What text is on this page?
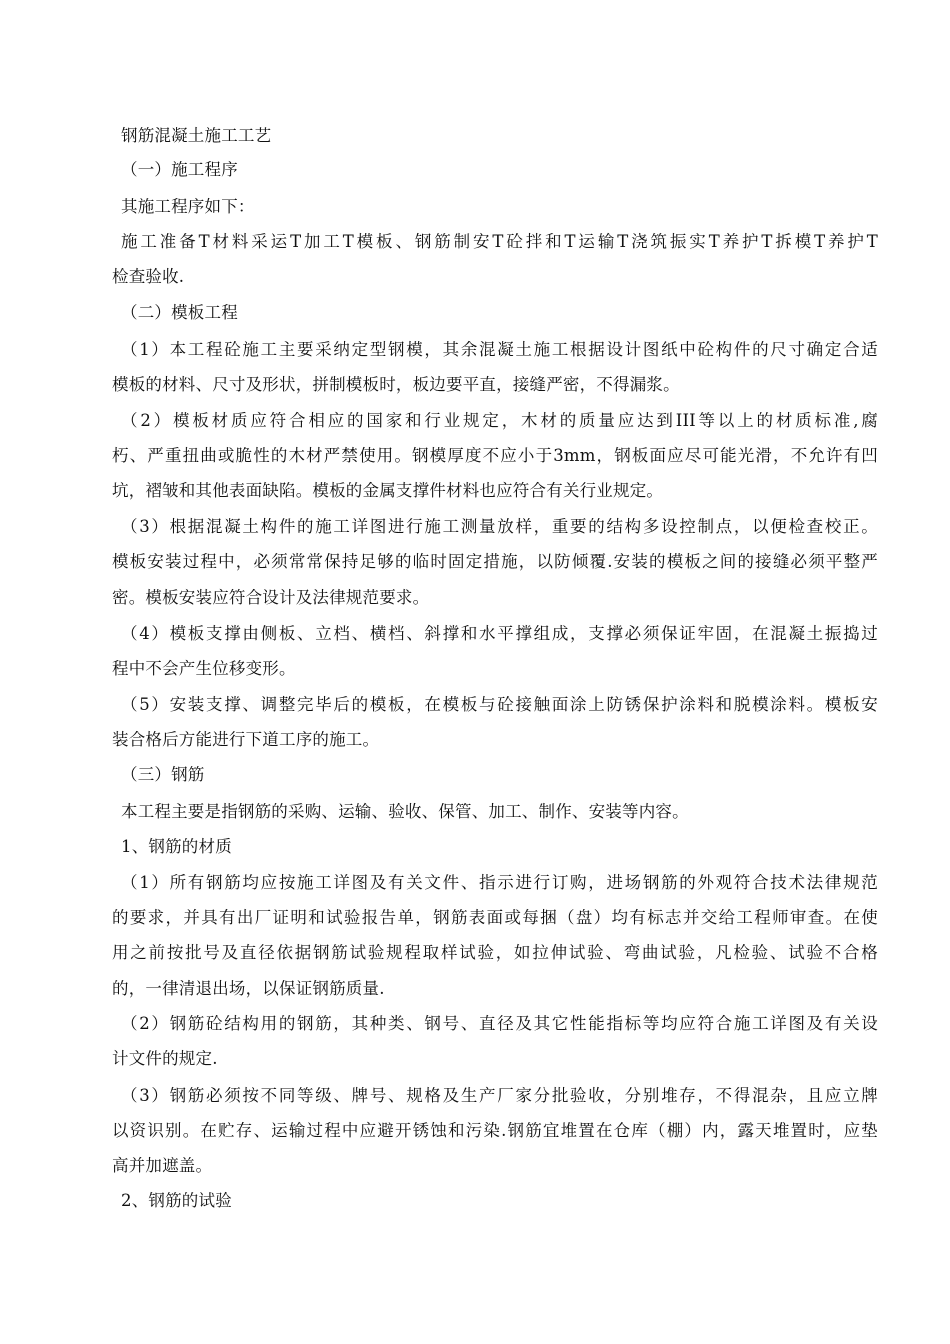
钢筋混凝土施工工艺
（一）施工程序
其施工程序如下：
施工准备T材料采运T加工T模板、钢筋制安T砼拌和T运输T浇筑振实T养护T拆模T养护T
检查验收.
（二）模板工程
（1）本工程砼施工主要采纳定型钢模，其余混凝土施工根据设计图纸中砼构件的尺寸确定合适
模板的材料、尺寸及形状，拼制模板时，板边要平直，接缝严密，不得漏浆。
（2）模板材质应符合相应的国家和行业规定，木材的质量应达到III等以上的材质标准,腐
朽、严重扭曲或脆性的木材严禁使用。钢模厚度不应小于3mm，钢板面应尽可能光滑，不允许有凹
坑，褶皱和其他表面缺陷。模板的金属支撑件材料也应符合有关行业规定。
（3）根据混凝土构件的施工详图进行施工测量放样，重要的结构多设控制点，以便检查校正。
模板安装过程中，必须常常保持足够的临时固定措施，以防倾覆.安装的模板之间的接缝必须平整严
密。模板安装应符合设计及法律规范要求。
（4）模板支撑由侧板、立档、横档、斜撑和水平撑组成，支撑必须保证牢固，在混凝土振捣过
程中不会产生位移变形。
（5）安装支撑、调整完毕后的模板，在模板与砼接触面涂上防锈保护涂料和脱模涂料。模板安
装合格后方能进行下道工序的施工。
（三）钢筋
本工程主要是指钢筋的采购、运输、验收、保管、加工、制作、安装等内容。
1、钢筋的材质
（1）所有钢筋均应按施工详图及有关文件、指示进行订购，进场钢筋的外观符合技术法律规范
的要求，并具有出厂证明和试验报告单，钢筋表面或每捆（盘）均有标志并交给工程师审查。在使
用之前按批号及直径依据钢筋试验规程取样试验，如拉伸试验、弯曲试验，凡检验、试验不合格
的，一律清退出场，以保证钢筋质量.
（2）钢筋砼结构用的钢筋，其种类、钢号、直径及其它性能指标等均应符合施工详图及有关设
计文件的规定.
（3）钢筋必须按不同等级、牌号、规格及生产厂家分批验收，分别堆存，不得混杂，且应立牌
以资识别。在贮存、运输过程中应避开锈蚀和污染.钢筋宜堆置在仓库（棚）内，露天堆置时，应垫
高并加遮盖。
2、钢筋的试验
